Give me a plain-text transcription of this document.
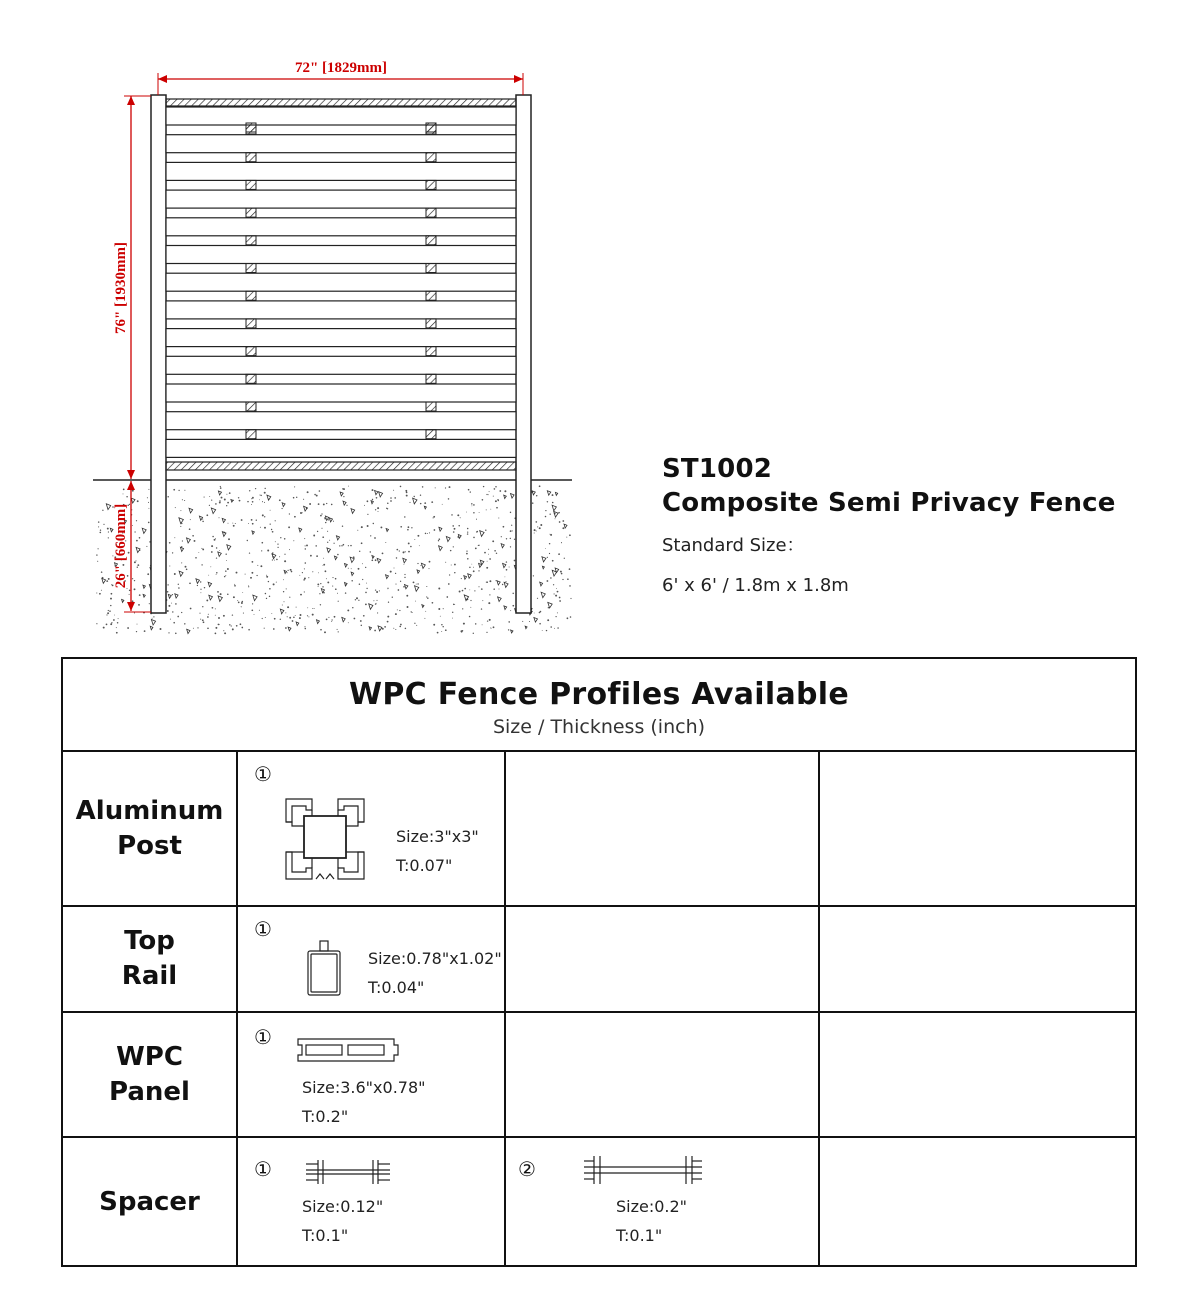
72" [1829mm]
76" [1930mm]
26" [660mm]
ST1002
Composite Semi Privacy Fence
Standard Size：
6' x 6' / 1.8m x 1.8m
WPC Fence Profiles Available
Size / Thickness (inch)
Aluminum
Post
①
Size:3"x3"
T:0.07"
Top
Rail
①
Size:0.78"x1.02"
T:0.04"
WPC
Panel
①
Size:3.6"x0.78"
T:0.2"
Spacer
①
Size:0.12"
T:0.1"
②
Size:0.2"
T:0.1"
